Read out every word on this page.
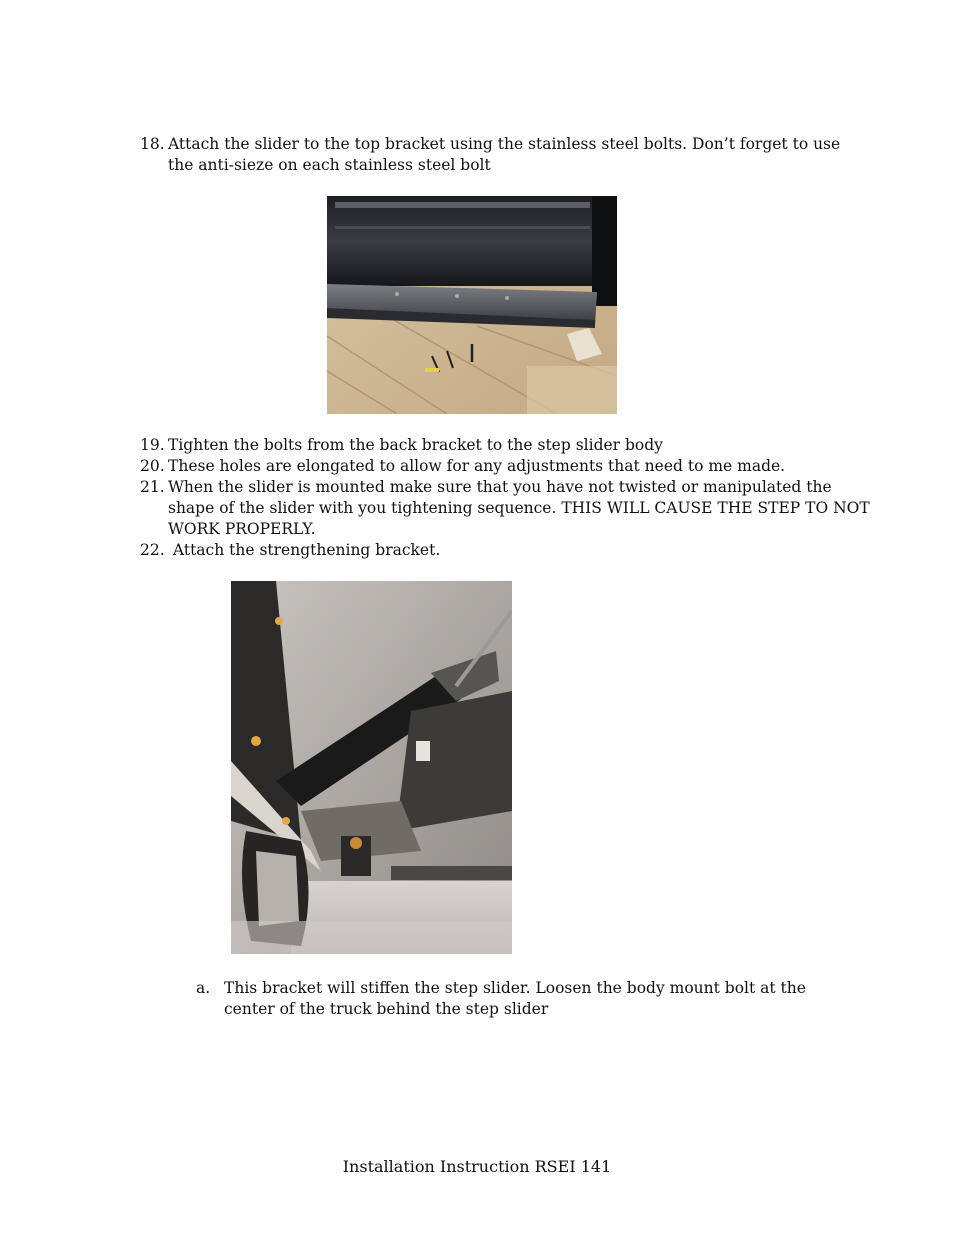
18. Attach the slider to the top bracket using the stainless steel bolts. Don’t forget to use
the anti-sieze on each stainless steel bolt
19. Tighten the bolts from the back bracket to the step slider body
20. These holes are elongated to allow for any adjustments that need to me made.
21. When the slider is mounted make sure that you have not twisted or manipulated the
shape of the slider with you tightening sequence. THIS WILL CAUSE THE STEP TO NOT
WORK PROPERLY.
22. Attach the strengthening bracket.
a. This bracket will stiffen the step slider. Loosen the body mount bolt at the
center of the truck behind the step slider
Installation Instruction RSEI 141
